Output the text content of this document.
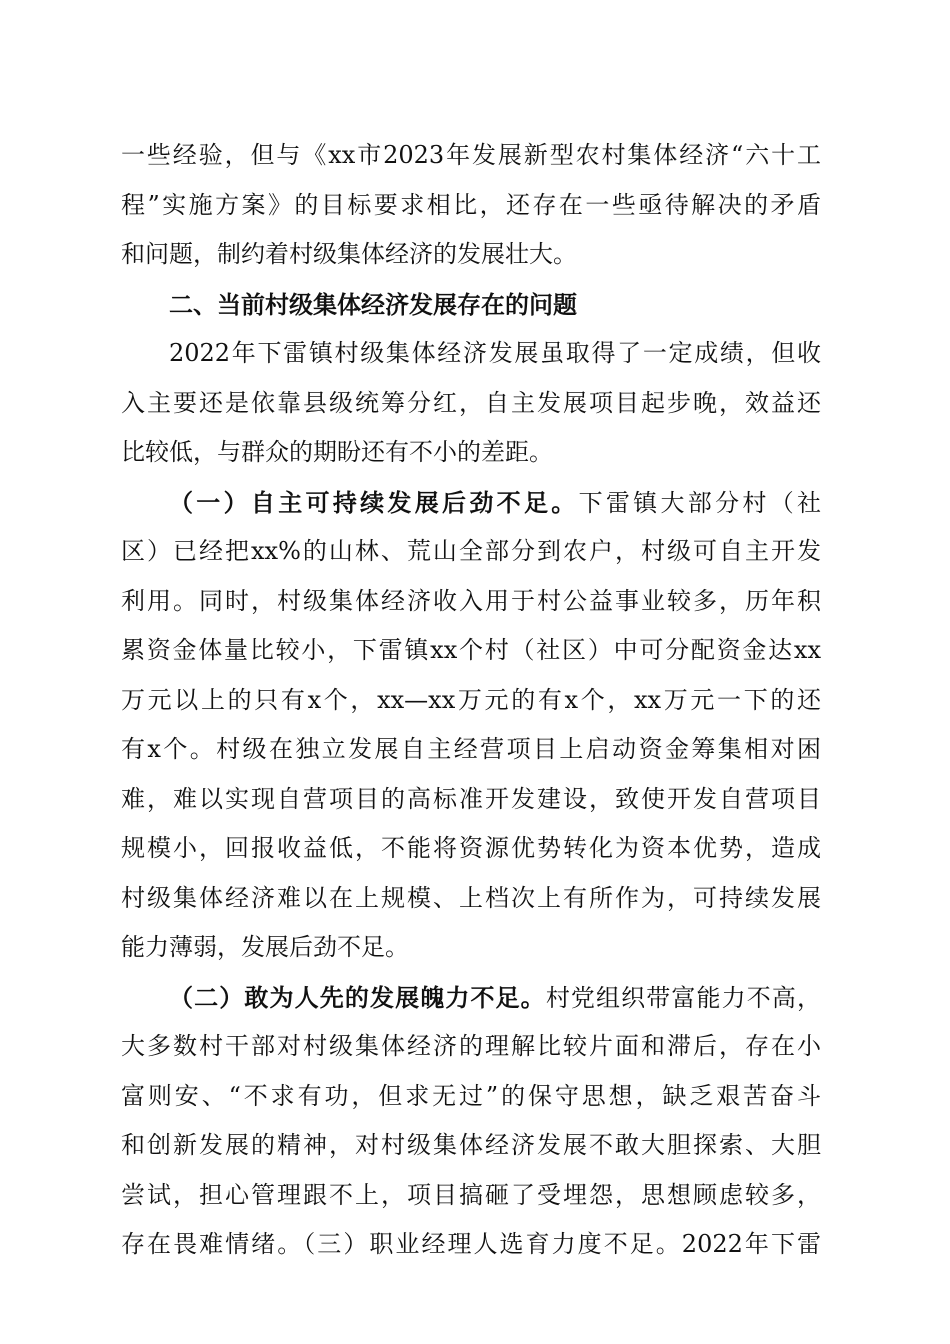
一些经验，但与《xx市2023年发展新型农村集体经济“六十工
程”实施方案》的目标要求相比，还存在一些亟待解决的矛盾
和问题，制约着村级集体经济的发展壮大。
二、当前村级集体经济发展存在的问题
2022年下雷镇村级集体经济发展虽取得了一定成绩，但收
入主要还是依靠县级统筹分红，自主发展项目起步晚，效益还
比较低，与群众的期盼还有不小的差距。
（一）自主可持续发展后劲不足。下雷镇大部分村（社
区）已经把xx%的山林、荒山全部分到农户，村级可自主开发
利用。同时，村级集体经济收入用于村公益事业较多，历年积
累资金体量比较小，下雷镇xx个村（社区）中可分配资金达xx
万元以上的只有x个，xx—xx万元的有x个，xx万元一下的还
有x个。村级在独立发展自主经营项目上启动资金筹集相对困
难，难以实现自营项目的高标准开发建设，致使开发自营项目
规模小，回报收益低，不能将资源优势转化为资本优势，造成
村级集体经济难以在上规模、上档次上有所作为，可持续发展
能力薄弱，发展后劲不足。
（二）敢为人先的发展魄力不足。村党组织带富能力不高，
大多数村干部对村级集体经济的理解比较片面和滞后，存在小
富则安、“不求有功，但求无过”的保守思想，缺乏艰苦奋斗
和创新发展的精神，对村级集体经济发展不敢大胆探索、大胆
尝试，担心管理跟不上，项目搞砸了受埋怨，思想顾虑较多，
存在畏难情绪。（三）职业经理人选育力度不足。2022年下雷
